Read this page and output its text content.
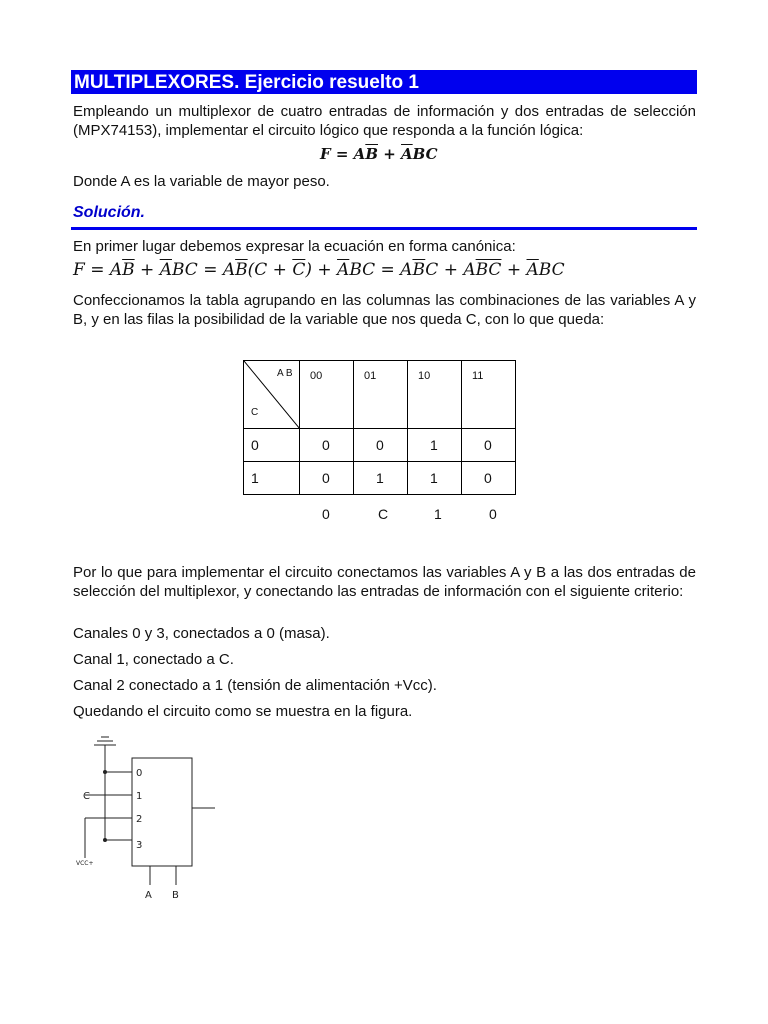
MULTIPLEXORES. Ejercicio resuelto 1
Empleando un multiplexor de cuatro entradas de información y dos entradas de selección (MPX74153), implementar el circuito lógico que responda a la función lógica:
$F = A\overline{B} + \overline{A}BC$
Donde A es la variable de mayor peso.
Solución.
En primer lugar debemos expresar la ecuación en forma canónica:
$F = A\overline{B} + \overline{A}BC = A\overline{B}(C + \overline{C}) + \overline{A}BC = A\overline{B}C + A\overline{BC} + \overline{A}BC$
Confeccionamos la tabla agrupando en las columnas las combinaciones de las variables A y B, y en las filas la posibilidad de la variable que nos queda C, con lo que queda:
A B
C	00	01	10	11
0	0	0	1	0
1	0	1	1	0
0	C	1	0
Por lo que para implementar el circuito conectamos las variables A y B a las dos entradas de selección del multiplexor, y conectando las entradas de información con el siguiente criterio:
Canales 0 y 3, conectados a 0 (masa).
Canal 1, conectado a C.
Canal 2 conectado a 1 (tensión de alimentación +Vcc).
Quedando el circuito como se muestra en la figura.
0
1
2
3
C
VCC+
A B
